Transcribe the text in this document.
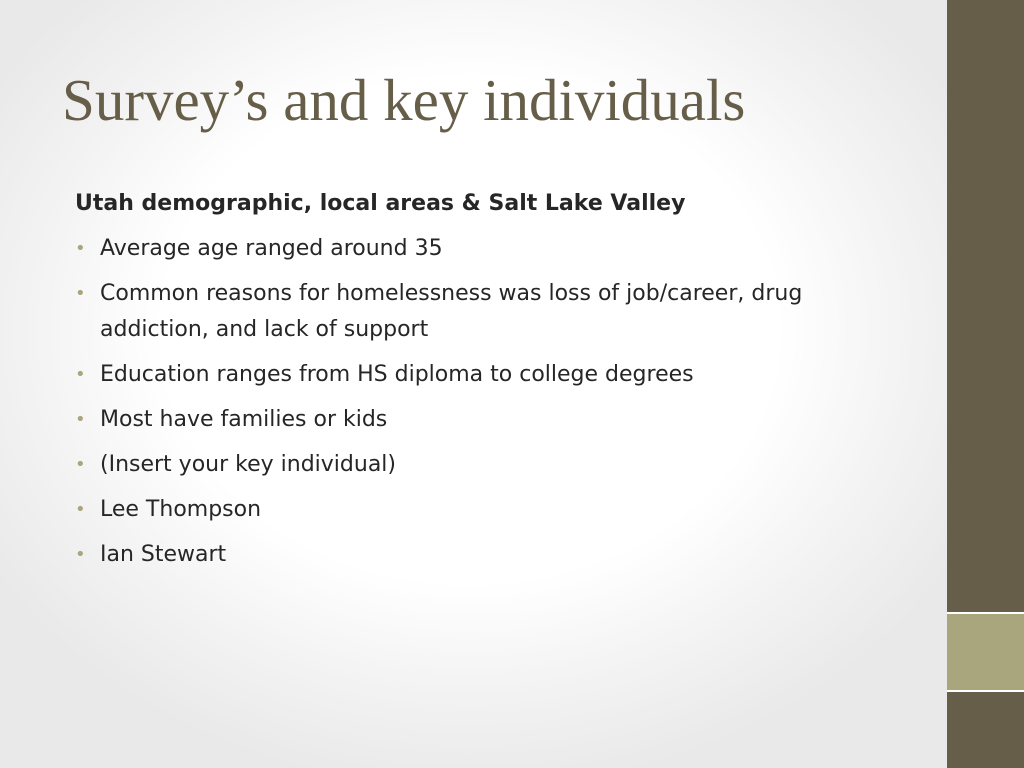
Survey’s and key individuals

Utah demographic, local areas & Salt Lake Valley

• Average age ranged around 35
• Common reasons for homelessness was loss of job/career, drug addiction, and lack of support
• Education ranges from HS diploma to college degrees
• Most have families or kids
• (Insert your key individual)
• Lee Thompson
• Ian Stewart
